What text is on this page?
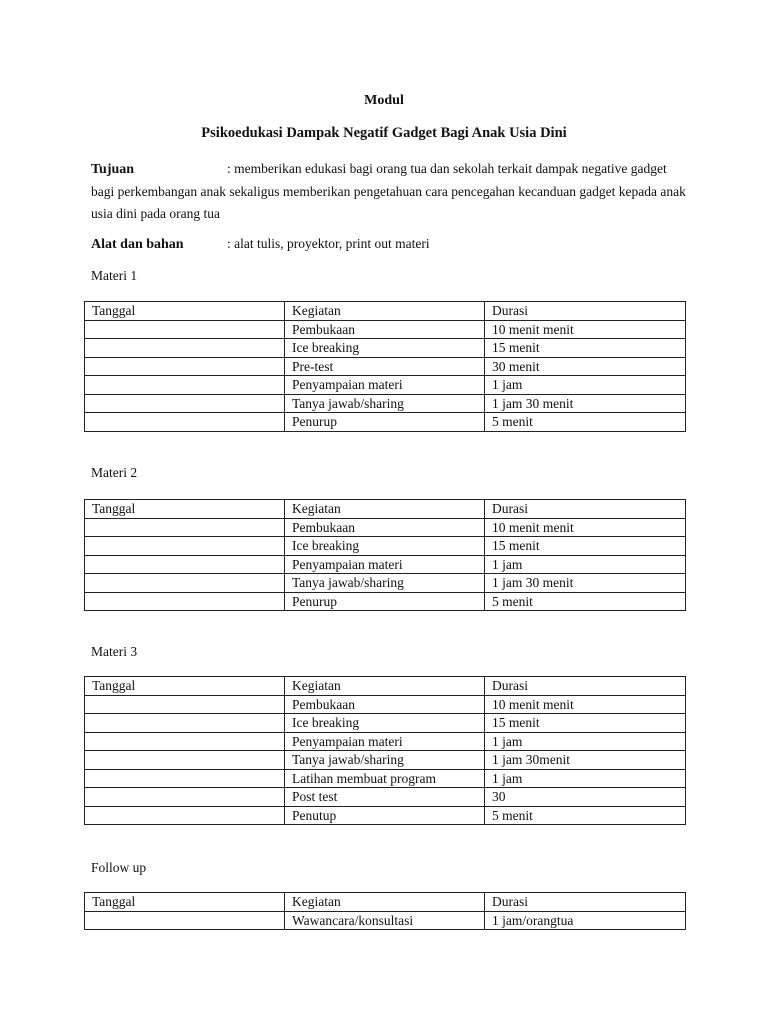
Modul
Psikoedukasi Dampak Negatif Gadget Bagi Anak Usia Dini
Tujuan	: memberikan edukasi bagi orang tua dan sekolah terkait dampak negative gadget bagi perkembangan anak sekaligus memberikan pengetahuan cara pencegahan kecanduan gadget kepada anak usia dini pada orang tua
Alat dan bahan	: alat tulis, proyektor, print out materi
Materi 1
Tanggal	Kegiatan	Durasi
	Pembukaan	10 menit menit
	Ice breaking	15 menit
	Pre-test	30 menit
	Penyampaian materi	1 jam
	Tanya jawab/sharing	1 jam 30 menit
	Penurup	5 menit
Materi 2
Tanggal	Kegiatan	Durasi
	Pembukaan	10 menit menit
	Ice breaking	15 menit
	Penyampaian materi	1 jam
	Tanya jawab/sharing	1 jam 30 menit
	Penurup	5 menit
Materi 3
Tanggal	Kegiatan	Durasi
	Pembukaan	10 menit menit
	Ice breaking	15 menit
	Penyampaian materi	1 jam
	Tanya jawab/sharing	1 jam 30menit
	Latihan membuat program	1 jam
	Post test	30
	Penutup	5 menit
Follow up
Tanggal	Kegiatan	Durasi
	Wawancara/konsultasi	1 jam/orangtua
